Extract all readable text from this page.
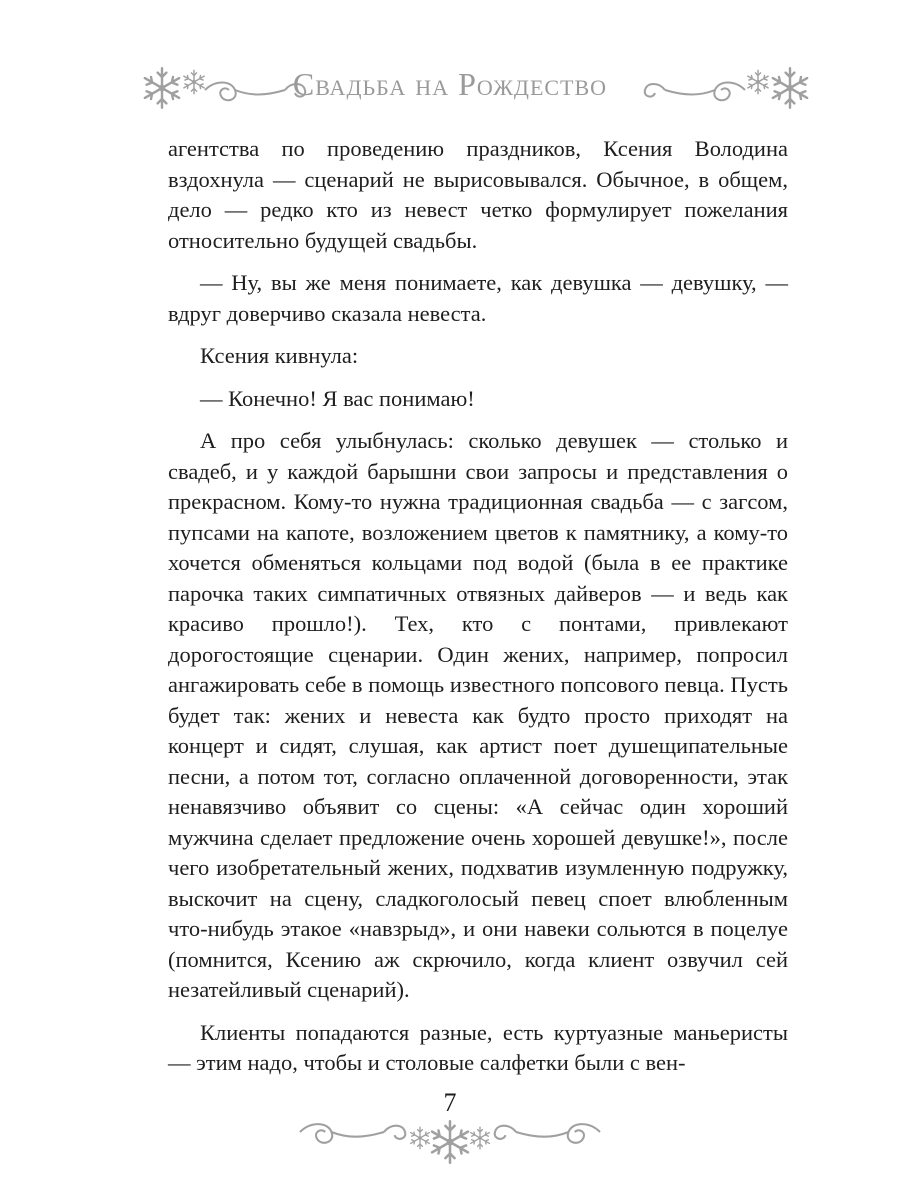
Свадьба на Рождество

агентства по проведению праздников, Ксения Володина вздохнула — сценарий не вырисовывался. Обычное, в общем, дело — редко кто из невест четко формулирует пожелания относительно будущей свадьбы.

— Ну, вы же меня понимаете, как девушка — девушку, — вдруг доверчиво сказала невеста.

Ксения кивнула:

— Конечно! Я вас понимаю!

А про себя улыбнулась: сколько девушек — столько и свадеб, и у каждой барышни свои запросы и представления о прекрасном. Кому-то нужна традиционная свадьба — с загсом, пупсами на капоте, возложением цветов к памятнику, а кому-то хочется обменяться кольцами под водой (была в ее практике парочка таких симпатичных отвязных дайверов — и ведь как красиво прошло!). Тех, кто с понтами, привлекают дорогостоящие сценарии. Один жених, например, попросил ангажировать себе в помощь известного попсового певца. Пусть будет так: жених и невеста как будто просто приходят на концерт и сидят, слушая, как артист поет душещипательные песни, а потом тот, согласно оплаченной договоренности, этак ненавязчиво объявит со сцены: «А сейчас один хороший мужчина сделает предложение очень хорошей девушке!», после чего изобретательный жених, подхватив изумленную подружку, выскочит на сцену, сладкоголосый певец споет влюбленным что-нибудь этакое «навзрыд», и они навеки сольются в поцелуе (помнится, Ксению аж скрючило, когда клиент озвучил сей незатейливый сценарий).

Клиенты попадаются разные, есть куртуазные маньеристы — этим надо, чтобы и столовые салфетки были с вен-

7
